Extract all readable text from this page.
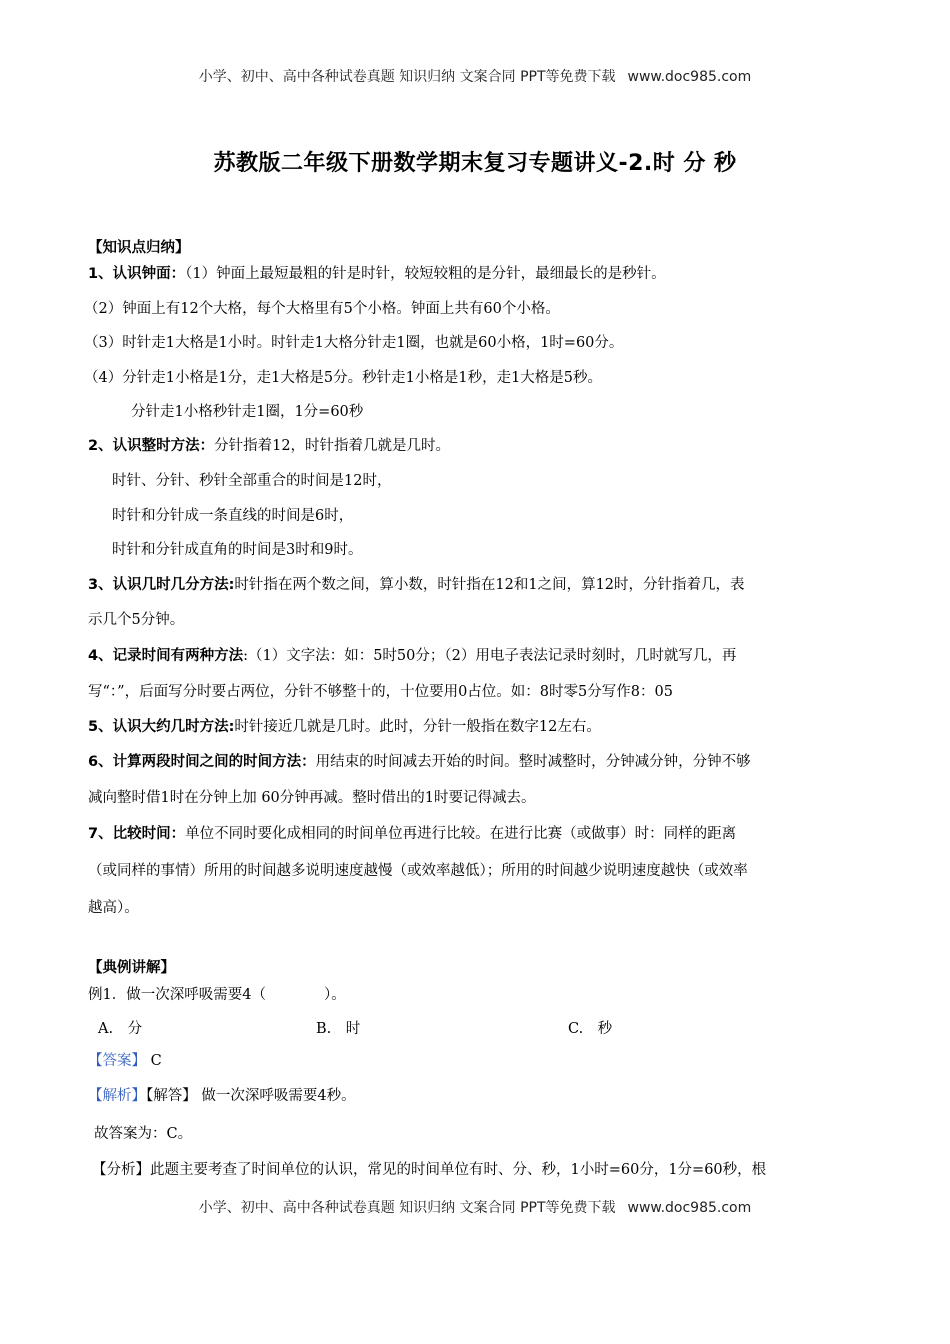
小学、初中、高中各种试卷真题 知识归纳 文案合同 PPT等免费下载 www.doc985.com
苏教版二年级下册数学期末复习专题讲义-2.时 分 秒
【知识点归纳】
1、认识钟面：（1）钟面上最短最粗的针是时针，较短较粗的是分针，最细最长的是秒针。
（2）钟面上有12个大格，每个大格里有5个小格。钟面上共有60个小格。
（3）时针走1大格是1小时。时针走1大格分针走1圈，也就是60小格，1时=60分。
（4）分针走1小格是1分，走1大格是5分。秒针走1小格是1秒，走1大格是5秒。
分针走1小格秒针走1圈，1分=60秒
2、认识整时方法：分针指着12，时针指着几就是几时。
时针、分针、秒针全部重合的时间是12时，
时针和分针成一条直线的时间是6时，
时针和分针成直角的时间是3时和9时。
3、认识几时几分方法:时针指在两个数之间，算小数，时针指在12和1之间，算12时，分针指着几，表
示几个5分钟。
4、记录时间有两种方法:（1）文字法：如：5时50分；（2）用电子表法记录时刻时，几时就写几，再
写“：”，后面写分时要占两位，分针不够整十的，十位要用0占位。如：8时零5分写作8：05
5、认识大约几时方法:时针接近几就是几时。此时，分针一般指在数字12左右。
6、计算两段时间之间的时间方法：用结束的时间减去开始的时间。整时减整时，分钟减分钟，分钟不够
减向整时借1时在分钟上加 60分钟再减。整时借出的1时要记得减去。
7、比较时间：单位不同时要化成相同的时间单位再进行比较。在进行比赛（或做事）时：同样的距离
（或同样的事情）所用的时间越多说明速度越慢（或效率越低）；所用的时间越少说明速度越快（或效率
越高）。
【典例讲解】
例1．做一次深呼吸需要4（　　　　）。
A.　分	B.　时	C.　秒
【答案】 C
【解析】【解答】 做一次深呼吸需要4秒。
故答案为：C。
【分析】此题主要考查了时间单位的认识，常见的时间单位有时、分、秒，1小时=60分，1分=60秒，根
小学、初中、高中各种试卷真题 知识归纳 文案合同 PPT等免费下载 www.doc985.com
